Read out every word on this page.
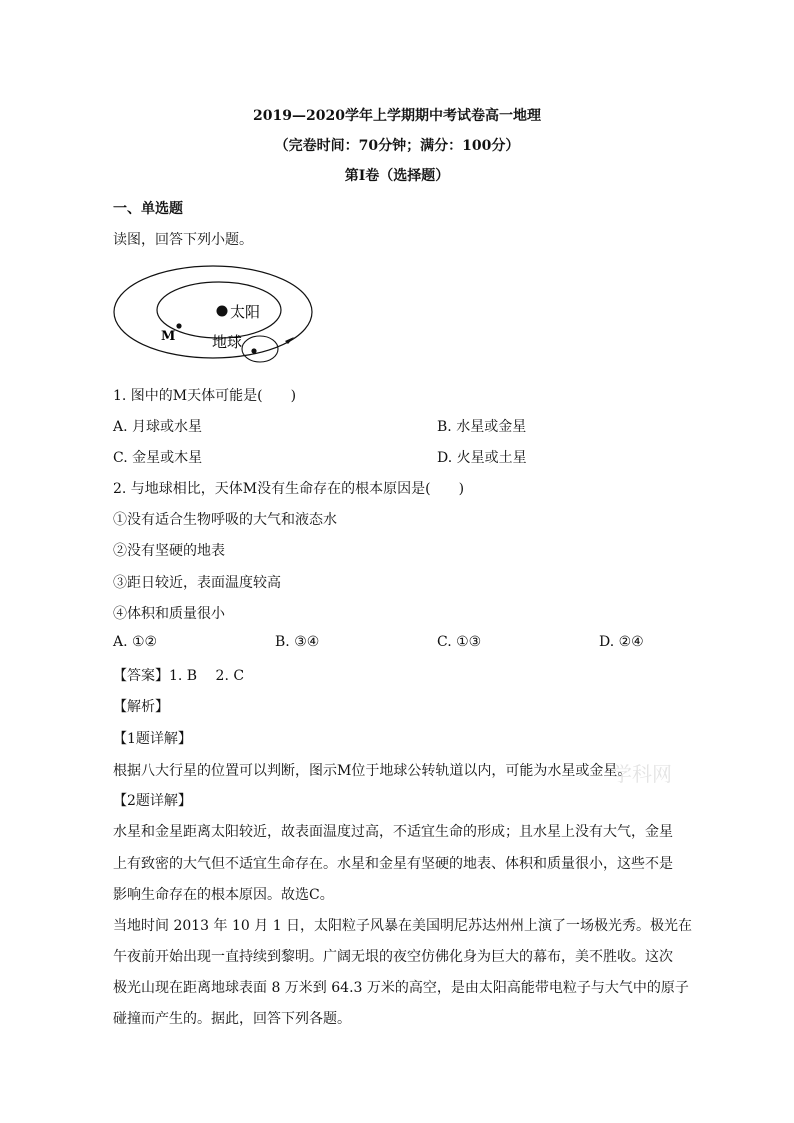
2019—2020学年上学期期中考试卷高一地理
（完卷时间：70分钟；满分：100分）
第Ⅰ卷（选择题）
一、单选题
读图，回答下列小题。
太阳
M 地球
1. 图中的M天体可能是(　　)
A. 月球或水星	B. 水星或金星
C. 金星或木星	D. 火星或土星
2. 与地球相比，天体M没有生命存在的根本原因是(　　)
①没有适合生物呼吸的大气和液态水
②没有坚硬的地表
③距日较近，表面温度较高
④体积和质量很小
A. ①②	B. ③④	C. ①③	D. ②④
【答案】1. B　 2. C
【解析】
【1题详解】
根据八大行星的位置可以判断，图示M位于地球公转轨道以内，可能为水星或金星。
【2题详解】
水星和金星距离太阳较近，故表面温度过高，不适宜生命的形成；且水星上没有大气，金星
上有致密的大气但不适宜生命存在。水星和金星有坚硬的地表、体积和质量很小，这些不是
影响生命存在的根本原因。故选C。
当地时间 2013 年 10 月 1 日，太阳粒子风暴在美国明尼苏达州州上演了一场极光秀。极光在
午夜前开始出现一直持续到黎明。广阔无垠的夜空仿佛化身为巨大的幕布，美不胜收。这次
极光山现在距离地球表面 8 万米到 64.3 万米的高空，是由太阳高能带电粒子与大气中的原子
碰撞而产生的。据此，回答下列各题。
学科网
